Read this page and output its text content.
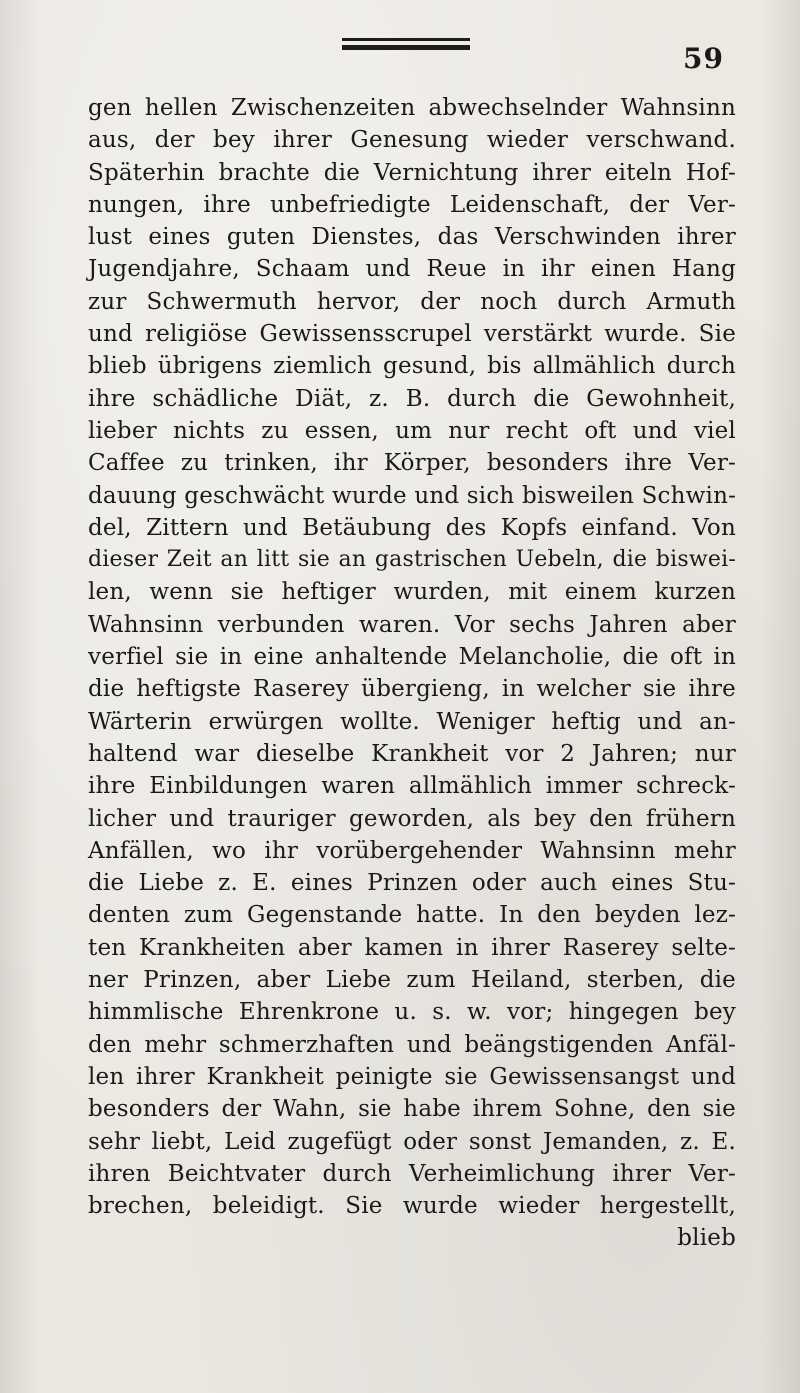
59
gen hellen Zwischenzeiten abwechselnder Wahnsinn
aus, der bey ihrer Genesung wieder verschwand.
Späterhin brachte die Vernichtung ihrer eiteln Hof-
nungen, ihre unbefriedigte Leidenschaft, der Ver-
lust eines guten Dienstes, das Verschwinden ihrer
Jugendjahre, Schaam und Reue in ihr einen Hang
zur Schwermuth hervor, der noch durch Armuth
und religiöse Gewissensscrupel verstärkt wurde. Sie
blieb übrigens ziemlich gesund, bis allmählich durch
ihre schädliche Diät, z. B. durch die Gewohnheit,
lieber nichts zu essen, um nur recht oft und viel
Caffee zu trinken, ihr Körper, besonders ihre Ver-
dauung geschwächt wurde und sich bisweilen Schwin-
del, Zittern und Betäubung des Kopfs einfand. Von
dieser Zeit an litt sie an gastrischen Uebeln, die biswei-
len, wenn sie heftiger wurden, mit einem kurzen
Wahnsinn verbunden waren. Vor sechs Jahren aber
verfiel sie in eine anhaltende Melancholie, die oft in
die heftigste Raserey übergieng, in welcher sie ihre
Wärterin erwürgen wollte. Weniger heftig und an-
haltend war dieselbe Krankheit vor 2 Jahren; nur
ihre Einbildungen waren allmählich immer schreck-
licher und trauriger geworden, als bey den frühern
Anfällen, wo ihr vorübergehender Wahnsinn mehr
die Liebe z. E. eines Prinzen oder auch eines Stu-
denten zum Gegenstande hatte. In den beyden lez-
ten Krankheiten aber kamen in ihrer Raserey selte-
ner Prinzen, aber Liebe zum Heiland, sterben, die
himmlische Ehrenkrone u. s. w. vor; hingegen bey
den mehr schmerzhaften und beängstigenden Anfäl-
len ihrer Krankheit peinigte sie Gewissensangst und
besonders der Wahn, sie habe ihrem Sohne, den sie
sehr liebt, Leid zugefügt oder sonst Jemanden, z. E.
ihren Beichtvater durch Verheimlichung ihrer Ver-
brechen, beleidigt. Sie wurde wieder hergestellt,
blieb
